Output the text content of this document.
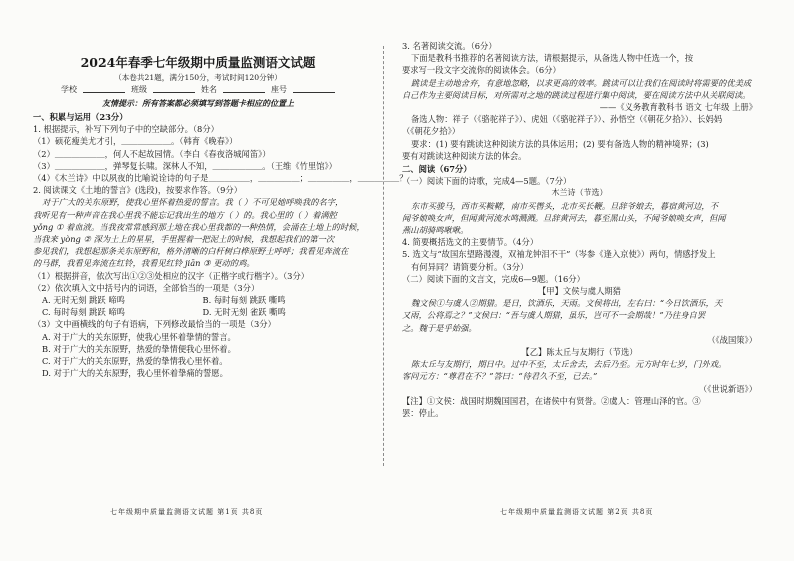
2024年春季七年级期中质量监测语文试题
（本卷共21题，满分150分，考试时间120分钟）
学校	班级	姓名	座号
友情提示：所有答案都必须填写到答题卡相应的位置上
一、积累与运用（23分）
1. 根据提示，补写下列句子中的空缺部分。（8分）
（1）硕花瘦美尤才引，＿＿＿＿＿＿。（韩育《晚春》）
（2）＿＿＿＿＿＿，何人不起故园情。（李白《春夜洛城闻笛》）
（3）＿＿＿＿＿＿，弹琴复长啸。深林人不知，＿＿＿＿＿＿。（王维《竹里馆》）
（4）《木兰诗》中以夙夜的比喻说诠诗的句子是＿＿＿＿＿，＿＿＿＿＿；＿＿＿＿＿，＿＿＿＿＿？
2. 阅读课文《土地的誓言》(选段)，按要求作答。（9分）
对于广大的关东原野，使我心里怀着热爱的誓言。我（ ）不可见她呼唤我的名字，
我听见有一种声音在我心里我不能忘记我出生的地方（ ）的。我心里的（ ）着满腔
yǒng ① 着血液。当我夜常常感到那土地在我心里我都的一种热情，会涌在土地上的时候，
当我来 yòng ② 深为土上的星星，手里握着一把泥土的时候，我想起我们的第一次
参见我们，我想起那条关东原野和，格外清晰的白杆树白桦原野土呼呼；我看见奔流在
的马群，我看见奔流在红铃，我看见红铃 jiān ③ 更动的鸡。
（1）根据拼音，依次写出①②③处相应的汉字（正楷字或行楷字）。（3分）
（2）依次填入文中括号内的词语，全部恰当的一项是（3分）
A. 无时无刻 跳跃 啼鸣	B. 每时每刻 跳跃 嘶鸣
C. 每时每刻 跳跃 啼鸣	D. 无时无刻 雀跃 嘶鸣
（3）文中画横线的句子有语病，下列修改最恰当的一项是（3分）
A. 对于广大的关东原野，使我心里怀着挚情的誓言。
B. 对于广大的关东原野，热爱的挚情便我心里怀着。
C. 对于广大的关东原野，热爱的挚情我心里怀着。
D. 对于广大的关东原野，我心里怀着挚痛的誓愿。
3. 名著阅读交流。（6分）
下面是教科书推荐的名著阅读方法，请根据提示，从备选人物中任选一个，按
要求写一段文字交流你的阅读体会。（6分）
跳读是主动地舍弃，有意地忽略，以求更高的效率。跳读可以让我们在阅读时将需要的优美成
自己作为主要阅读目标，对所需对之地的跳读过程进行集中阅读，要在阅读方法中从关联阅读。
——《义务教育教科书 语文 七年级 上册》
备选人物：祥子（《骆驼祥子》）、虎妞（《骆驼祥子》）、孙悟空（《朝花夕拾》）、长妈妈
（《朝花夕拾》）
要求：(1) 要有跳读这种阅读方法的具体运用；(2) 要有备选人物的精神境界；(3)
要有对跳读这种阅读方法的体会。
二、阅读（67分）
（一）阅读下面的诗歌，完成4—5题。（7分）
木兰诗（节选）
东市买骏马，西市买鞍鞯，南市买辔头，北市买长鞭。旦辞爷娘去，暮宿黄河边，不
闻爷娘唤女声，但闻黄河流水鸣溅溅。旦辞黄河去，暮至黑山头，不闻爷娘唤女声，但闻
燕山胡骑鸣啾啾。
4. 简要概括选文的主要情节。（4分）
5. 选文与“故国东望路漫漫，双袖龙钟泪不干”（岑参《逢入京使》）两句，情感抒发上
有何异同？请简要分析。（3分）
（二）阅读下面的文言文，完成6—9题。（16分）
【甲】文侯与虞人期猎
魏文侯①与虞人②期猎。是日，饮酒乐，天雨。文侯将出，左右曰：“今日饮酒乐，天
又雨，公将焉之？”文侯曰：“吾与虞人期猎，虽乐，岂可不一会期哉！”乃往身自罢
之。魏于是乎始强。
（《战国策》）
【乙】陈太丘与友期行（节选）
陈太丘与友期行，期日中。过中不至，太丘舍去，去后乃至。元方时年七岁，门外戏。
客问元方：“尊君在不？”答曰：“待君久不至，已去。”
（《世说新语》）
【注】①文侯：战国时期魏国国君，在诸侯中有贤誉。②虞人：管理山泽的官。③
罢：停止。
七年级期中质量监测语文试题 第1页 共8页	七年级期中质量监测语文试题 第2页 共8页
